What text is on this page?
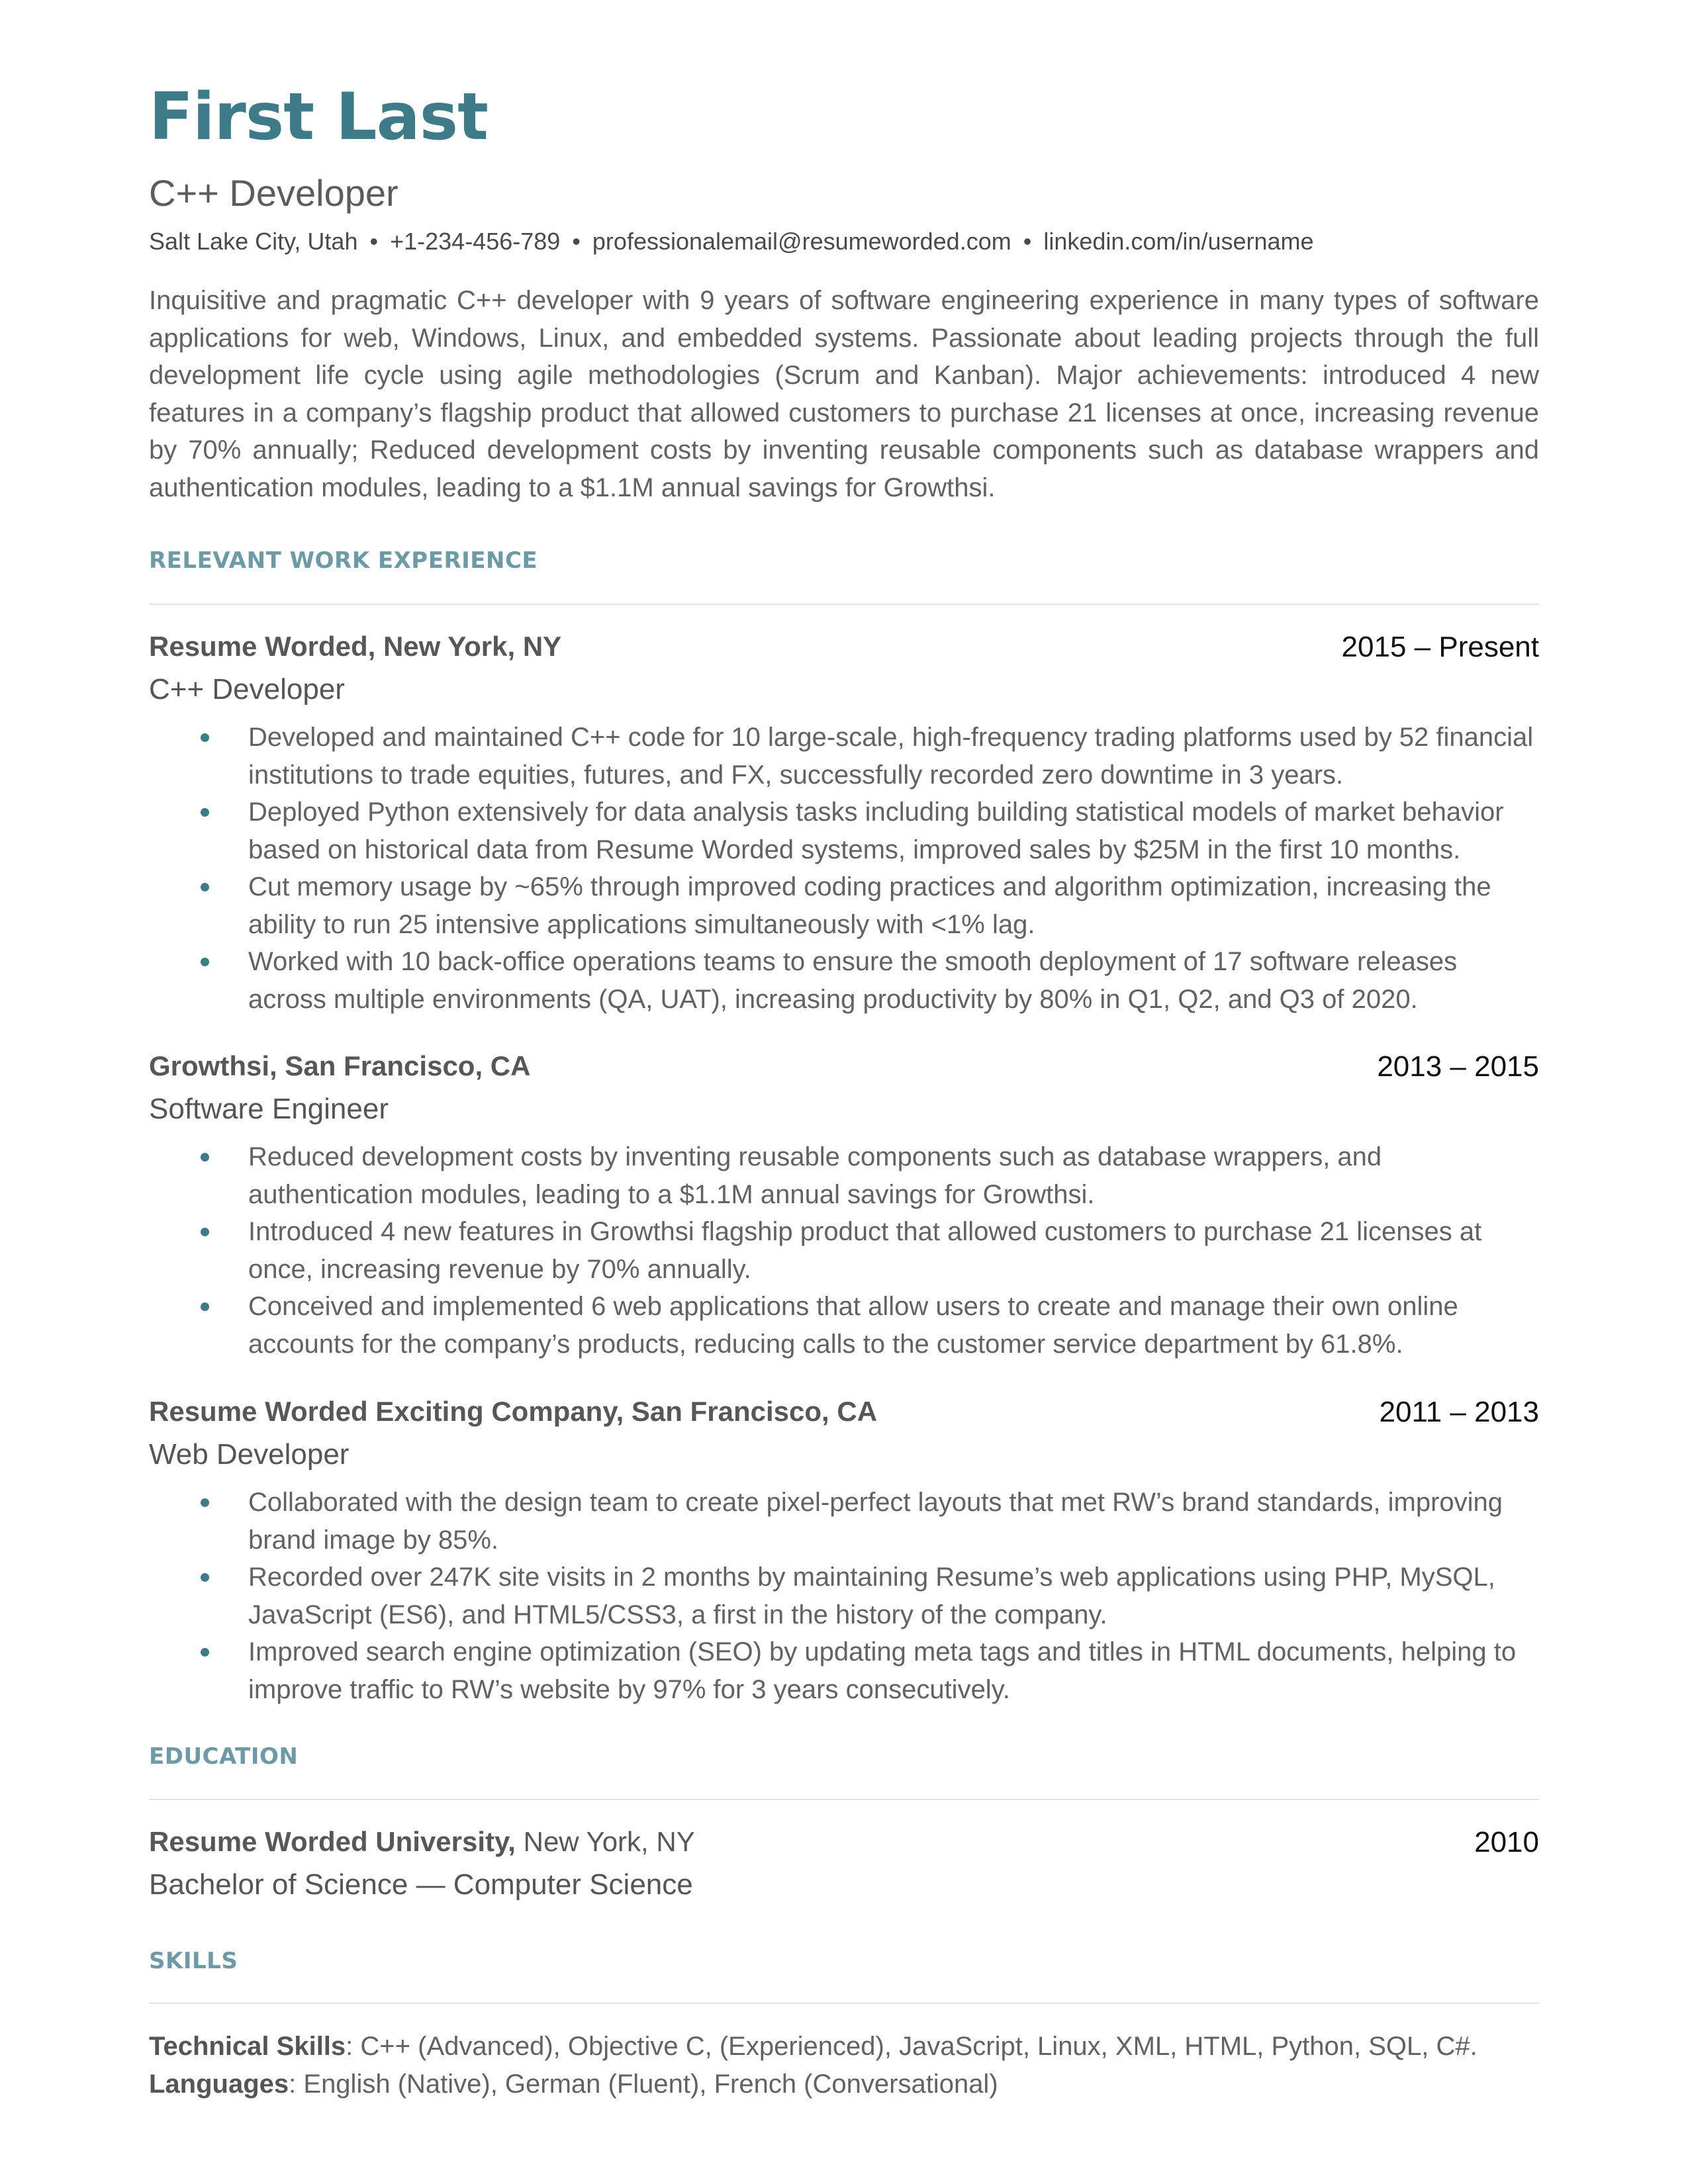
First Last
C++ Developer
Salt Lake City, Utah • +1-234-456-789 • professionalemail@resumeworded.com • linkedin.com/in/username
Inquisitive and pragmatic C++ developer with 9 years of software engineering experience in many types of software applications for web, Windows, Linux, and embedded systems. Passionate about leading projects through the full development life cycle using agile methodologies (Scrum and Kanban). Major achievements: introduced 4 new features in a company’s flagship product that allowed customers to purchase 21 licenses at once, increasing revenue by 70% annually; Reduced development costs by inventing reusable components such as database wrappers and authentication modules, leading to a $1.1M annual savings for Growthsi.
RELEVANT WORK EXPERIENCE
Resume Worded, New York, NY	2015 – Present
C++ Developer
Developed and maintained C++ code for 10 large-scale, high-frequency trading platforms used by 52 financial institutions to trade equities, futures, and FX, successfully recorded zero downtime in 3 years.
Deployed Python extensively for data analysis tasks including building statistical models of market behavior based on historical data from Resume Worded systems, improved sales by $25M in the first 10 months.
Cut memory usage by ~65% through improved coding practices and algorithm optimization, increasing the ability to run 25 intensive applications simultaneously with <1% lag.
Worked with 10 back-office operations teams to ensure the smooth deployment of 17 software releases across multiple environments (QA, UAT), increasing productivity by 80% in Q1, Q2, and Q3 of 2020.
Growthsi, San Francisco, CA	2013 – 2015
Software Engineer
Reduced development costs by inventing reusable components such as database wrappers, and authentication modules, leading to a $1.1M annual savings for Growthsi.
Introduced 4 new features in Growthsi flagship product that allowed customers to purchase 21 licenses at once, increasing revenue by 70% annually.
Conceived and implemented 6 web applications that allow users to create and manage their own online accounts for the company’s products, reducing calls to the customer service department by 61.8%.
Resume Worded Exciting Company, San Francisco, CA	2011 – 2013
Web Developer
Collaborated with the design team to create pixel-perfect layouts that met RW’s brand standards, improving brand image by 85%.
Recorded over 247K site visits in 2 months by maintaining Resume’s web applications using PHP, MySQL, JavaScript (ES6), and HTML5/CSS3, a first in the history of the company.
Improved search engine optimization (SEO) by updating meta tags and titles in HTML documents, helping to improve traffic to RW’s website by 97% for 3 years consecutively.
EDUCATION
Resume Worded University, New York, NY	2010
Bachelor of Science — Computer Science
SKILLS
Technical Skills: C++ (Advanced), Objective C, (Experienced), JavaScript, Linux, XML, HTML, Python, SQL, C#.
Languages: English (Native), German (Fluent), French (Conversational)
